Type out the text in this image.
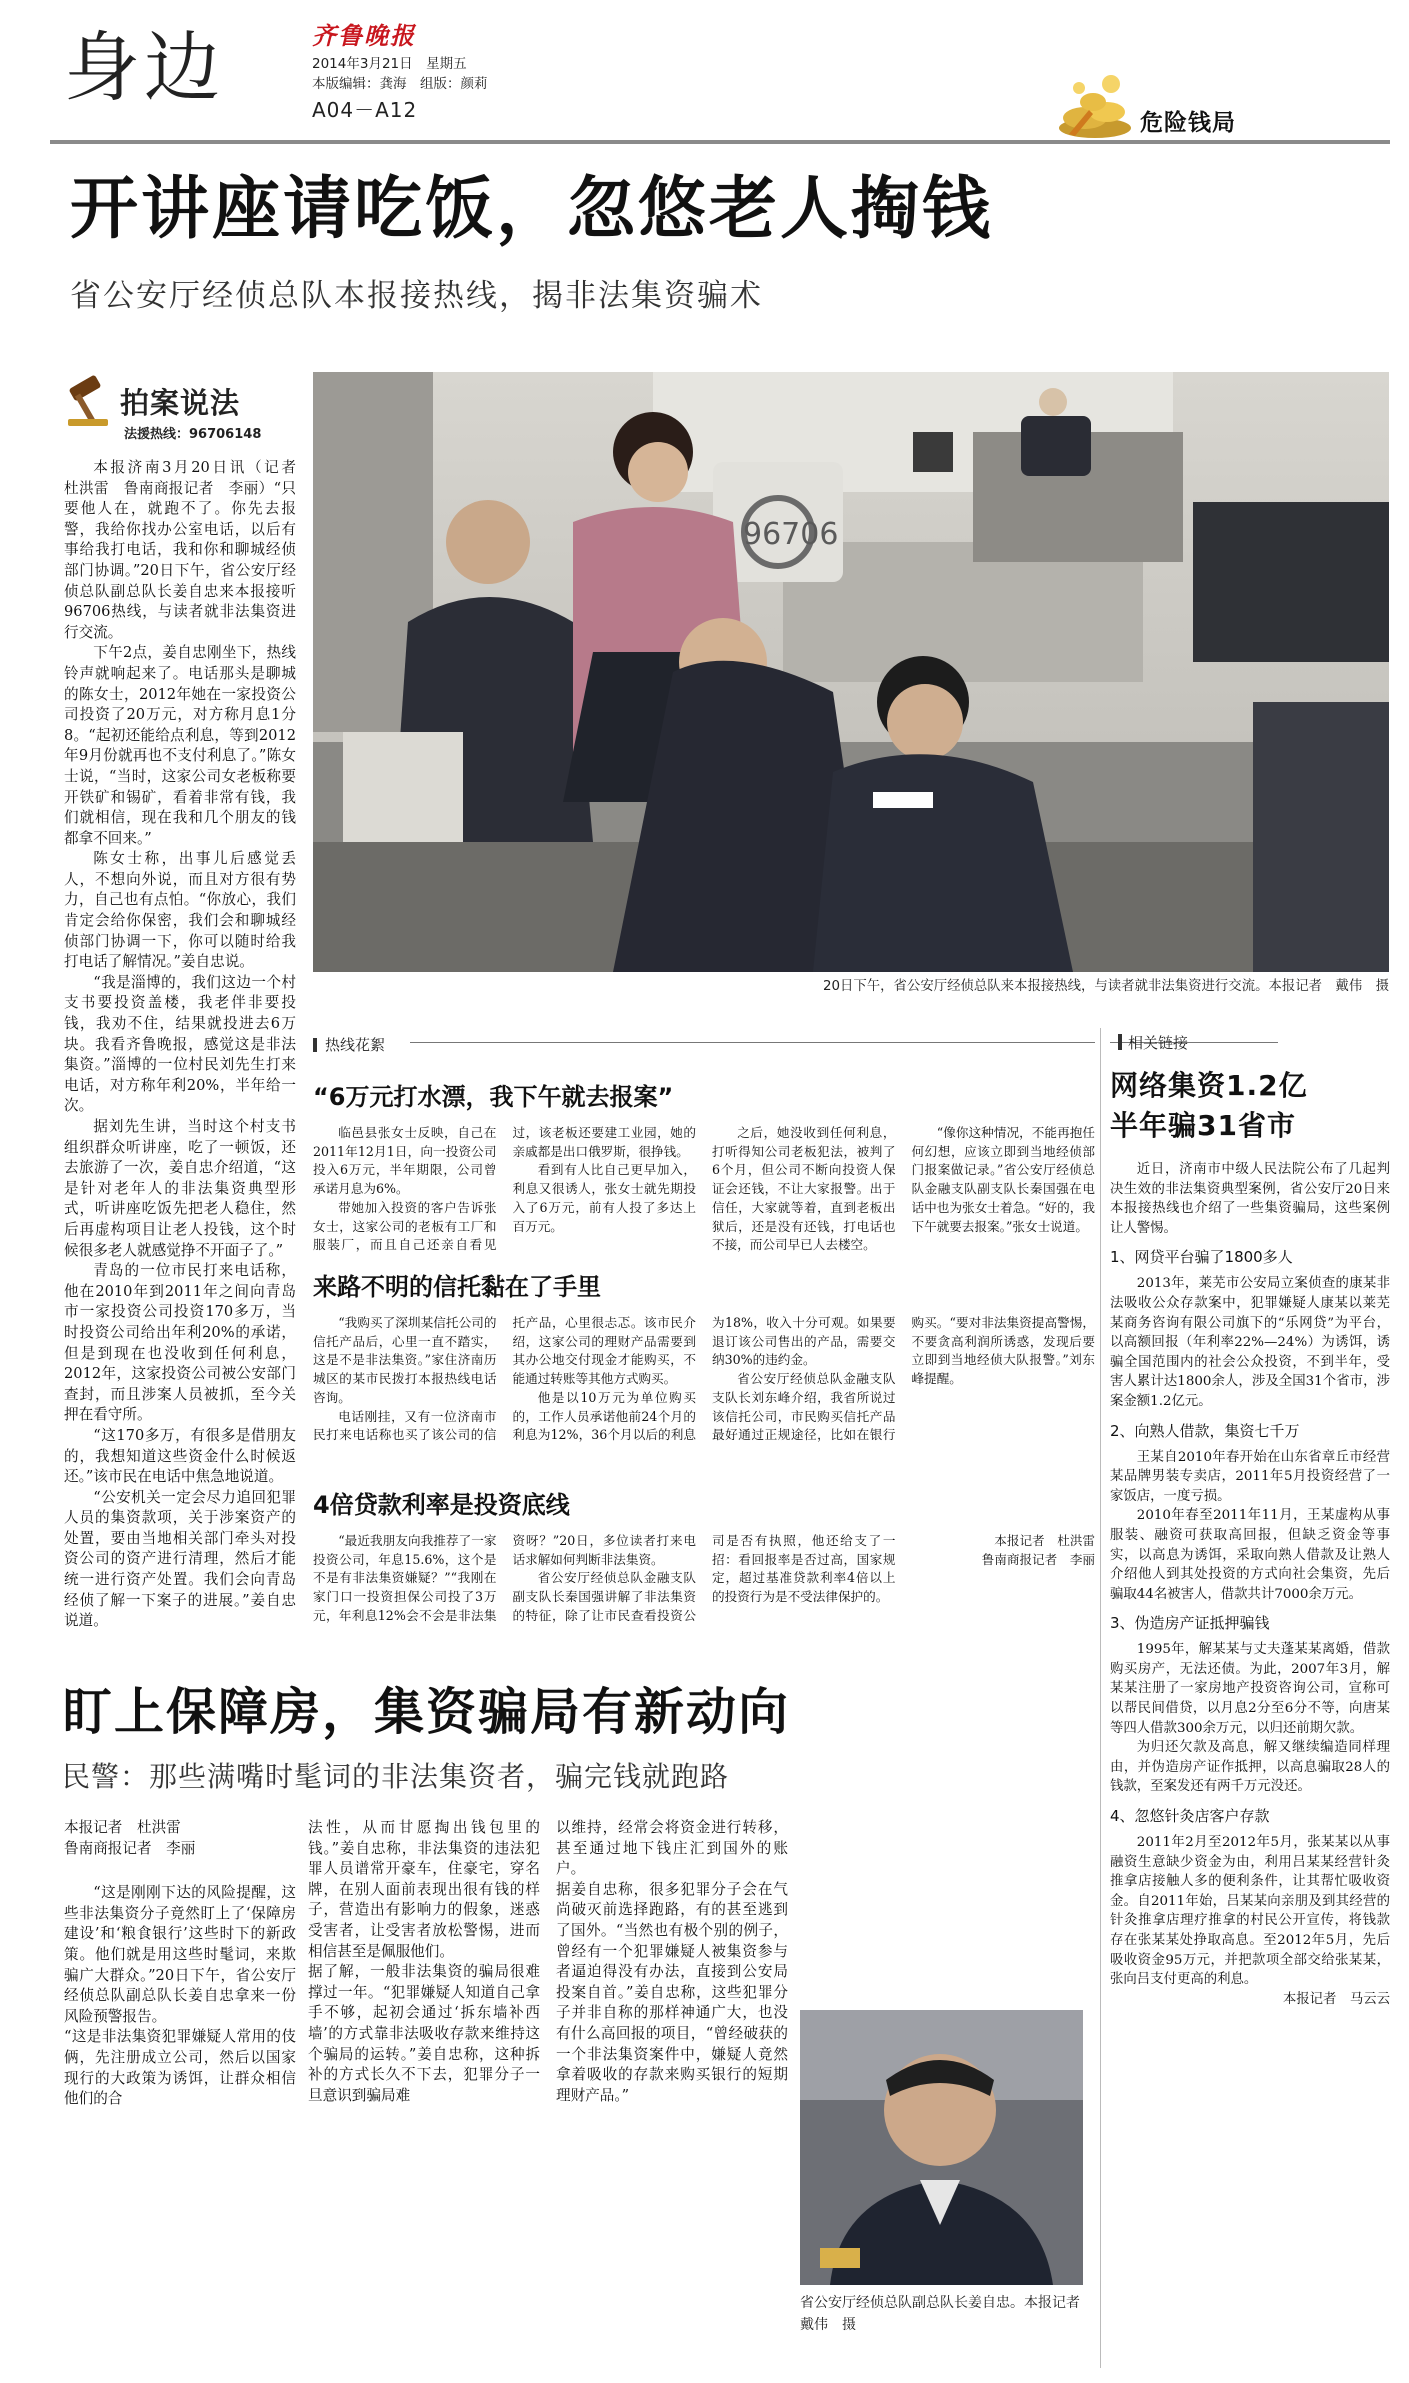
身边	齐鲁晚报
2014年3月21日　星期五
本版编辑：龚海　组版：颜莉
A04－A12	危险钱局
开讲座请吃饭，忽悠老人掏钱
省公安厅经侦总队本报接热线，揭非法集资骗术
拍案说法
法援热线：96706148

本报济南3月20日讯（记者　杜洪雷　鲁南商报记者　李丽）“只要他人在，就跑不了。你先去报警，我给你找办公室电话，以后有事给我打电话，我和你和聊城经侦部门协调。”20日下午，省公安厅经侦总队副总队长姜自忠来本报接听96706热线，与读者就非法集资进行交流。

下午2点，姜自忠刚坐下，热线铃声就响起来了。电话那头是聊城的陈女士，2012年她在一家投资公司投资了20万元，对方称月息1分8。“起初还能给点利息，等到2012年9月份就再也不支付利息了。”陈女士说，“当时，这家公司女老板称要开铁矿和锡矿，看着非常有钱，我们就相信，现在我和几个朋友的钱都拿不回来。”

陈女士称，出事儿后感觉丢人，不想向外说，而且对方很有势力，自己也有点怕。“你放心，我们肯定会给你保密，我们会和聊城经侦部门协调一下，你可以随时给我打电话了解情况。”姜自忠说。

“我是淄博的，我们这边一个村支书要投资盖楼，我老伴非要投钱，我劝不住，结果就投进去6万块。我看齐鲁晚报，感觉这是非法集资。”淄博的一位村民刘先生打来电话，对方称年利20%，半年给一次。

据刘先生讲，当时这个村支书组织群众听讲座，吃了一顿饭，还去旅游了一次，姜自忠介绍道，“这是针对老年人的非法集资典型形式，听讲座吃饭先把老人稳住，然后再虚构项目让老人投钱，这个时候很多老人就感觉挣不开面子了。”

青岛的一位市民打来电话称，他在2010年到2011年之间向青岛市一家投资公司投资170多万，当时投资公司给出年利20%的承诺，但是到现在也没收到任何利息，2012年，这家投资公司被公安部门查封，而且涉案人员被抓，至今关押在看守所。

“这170多万，有很多是借朋友的，我想知道这些资金什么时候返还。”该市民在电话中焦急地说道。

“公安机关一定会尽力追回犯罪人员的集资款项，关于涉案资产的处置，要由当地相关部门牵头对投资公司的资产进行清理，然后才能统一进行资产处置。我们会向青岛经侦了解一下案子的进展。”姜自忠说道。

96706
20日下午，省公安厅经侦总队来本报接热线，与读者就非法集资进行交流。本报记者　戴伟　摄
热线花絮
“6万元打水漂，我下午就去报案”

临邑县张女士反映，自己在2011年12月1日，向一投资公司投入6万元，半年期限，公司曾承诺月息为6%。

带她加入投资的客户告诉张女士，这家公司的老板有工厂和服装厂，而且自己还亲自看见过，该老板还要建工业园，她的亲戚都是出口俄罗斯，很挣钱。

看到有人比自己更早加入，利息又很诱人，张女士就先期投入了6万元，前有人投了多达上百万元。

之后，她没收到任何利息，打听得知公司老板犯法，被判了6个月，但公司不断向投资人保证会还钱，不让大家报警。出于信任，大家就等着，直到老板出狱后，还是没有还钱，打电话也不接，而公司早已人去楼空。

“像你这种情况，不能再抱任何幻想，应该立即到当地经侦部门报案做记录。”省公安厅经侦总队金融支队副支队长秦国强在电话中也为张女士着急。“好的，我下午就要去报案。”张女士说道。

来路不明的信托黏在了手里

“我购买了深圳某信托公司的信托产品后，心里一直不踏实，这是不是非法集资。”家住济南历城区的某市民拨打本报热线电话咨询。

电话刚挂，又有一位济南市民打来电话称也买了该公司的信托产品，心里很忐忑。该市民介绍，这家公司的理财产品需要到其办公地交付现金才能购买，不能通过转账等其他方式购买。

他是以10万元为单位购买的，工作人员承诺他前24个月的利息为12%，36个月以后的利息为18%，收入十分可观。如果要退订该公司售出的产品，需要交纳30%的违约金。

省公安厅经侦总队金融支队支队长刘东峰介绍，我省所说过该信托公司，市民购买信托产品最好通过正规途径，比如在银行购买。“要对非法集资提高警惕，不要贪高利润所诱惑，发现后要立即到当地经侦大队报警。”刘东峰提醒。

4倍贷款利率是投资底线

“最近我朋友向我推荐了一家投资公司，年息15.6%，这个是不是有非法集资嫌疑？”“我刚在家门口一投资担保公司投了3万元，年利息12%会不会是非法集资呀？”20日，多位读者打来电话求解如何判断非法集资。

省公安厅经侦总队金融支队副支队长秦国强讲解了非法集资的特征，除了让市民查看投资公司是否有执照，他还给支了一招：看回报率是否过高，国家规定，超过基准贷款利率4倍以上的投资行为是不受法律保护的。

本报记者　杜洪雷
鲁南商报记者　李丽

相关链接
网络集资1.2亿
半年骗31省市

近日，济南市中级人民法院公布了几起判决生效的非法集资典型案例，省公安厅20日来本报接热线也介绍了一些集资骗局，这些案例让人警惕。

1、网贷平台骗了1800多人

2013年，莱芜市公安局立案侦查的康某非法吸收公众存款案中，犯罪嫌疑人康某以莱芜某商务咨询有限公司旗下的“乐网贷”为平台，以高额回报（年利率22%—24%）为诱饵，诱骗全国范围内的社会公众投资，不到半年，受害人累计达1800余人，涉及全国31个省市，涉案金额1.2亿元。

2、向熟人借款，集资七千万

王某自2010年春开始在山东省章丘市经营某品牌男装专卖店，2011年5月投资经营了一家饭店，一度亏损。

2010年春至2011年11月，王某虚构从事服装、融资可获取高回报，但缺乏资金等事实，以高息为诱饵，采取向熟人借款及让熟人介绍他人到其处投资的方式向社会集资，先后骗取44名被害人，借款共计7000余万元。

3、伪造房产证抵押骗钱

1995年，解某某与丈夫蓬某某离婚，借款购买房产，无法还债。为此，2007年3月，解某某注册了一家房地产投资咨询公司，宣称可以帮民间借贷，以月息2分至6分不等，向唐某等四人借款300余万元，以归还前期欠款。

为归还欠款及高息，解又继续编造同样理由，并伪造房产证作抵押，以高息骗取28人的钱款，至案发还有两千万元没还。

4、忽悠针灸店客户存款

2011年2月至2012年5月，张某某以从事融资生意缺少资金为由，利用吕某某经营针灸推拿店接触人多的便利条件，让其帮忙吸收资金。自2011年始，吕某某向亲朋及到其经营的针灸推拿店理疗推拿的村民公开宣传，将钱款存在张某某处挣取高息。至2012年5月，先后吸收资金95万元，并把款项全部交给张某某，张向吕支付更高的利息。

本报记者　马云云

盯上保障房，集资骗局有新动向
民警：那些满嘴时髦词的非法集资者，骗完钱就跑路

本报记者　杜洪雷
鲁南商报记者　李丽

“这是刚刚下达的风险提醒，这些非法集资分子竟然盯上了‘保障房建设’和‘粮食银行’这些时下的新政策。他们就是用这些时髦词，来欺骗广大群众。”20日下午，省公安厅经侦总队副总队长姜自忠拿来一份风险预警报告。
“这是非法集资犯罪嫌疑人常用的伎俩，先注册成立公司，然后以国家现行的大政策为诱饵，让群众相信他们的合

法性，从而甘愿掏出钱包里的钱。”姜自忠称，非法集资的违法犯罪人员谱常开豪车，住豪宅，穿名牌，在别人面前表现出很有钱的样子，营造出有影响力的假象，迷惑受害者，让受害者放松警惕，进而相信甚至是佩服他们。
据了解，一般非法集资的骗局很难撑过一年。“犯罪嫌疑人知道自己拿手不够，起初会通过‘拆东墙补西墙’的方式靠非法吸收存款来维持这个骗局的运转。”姜自忠称，这种拆补的方式长久不下去，犯罪分子一旦意识到骗局难

以维持，经常会将资金进行转移，甚至通过地下钱庄汇到国外的账户。
据姜自忠称，很多犯罪分子会在气尚破灭前选择跑路，有的甚至逃到了国外。“当然也有极个别的例子，曾经有一个犯罪嫌疑人被集资参与者逼迫得没有办法，直接到公安局投案自首。”姜自忠称，这些犯罪分子并非自称的那样神通广大，也没有什么高回报的项目，“曾经破获的一个非法集资案件中，嫌疑人竟然拿着吸收的存款来购买银行的短期理财产品。”

省公安厅经侦总队副总队长姜自忠。本报记者　戴伟　摄
